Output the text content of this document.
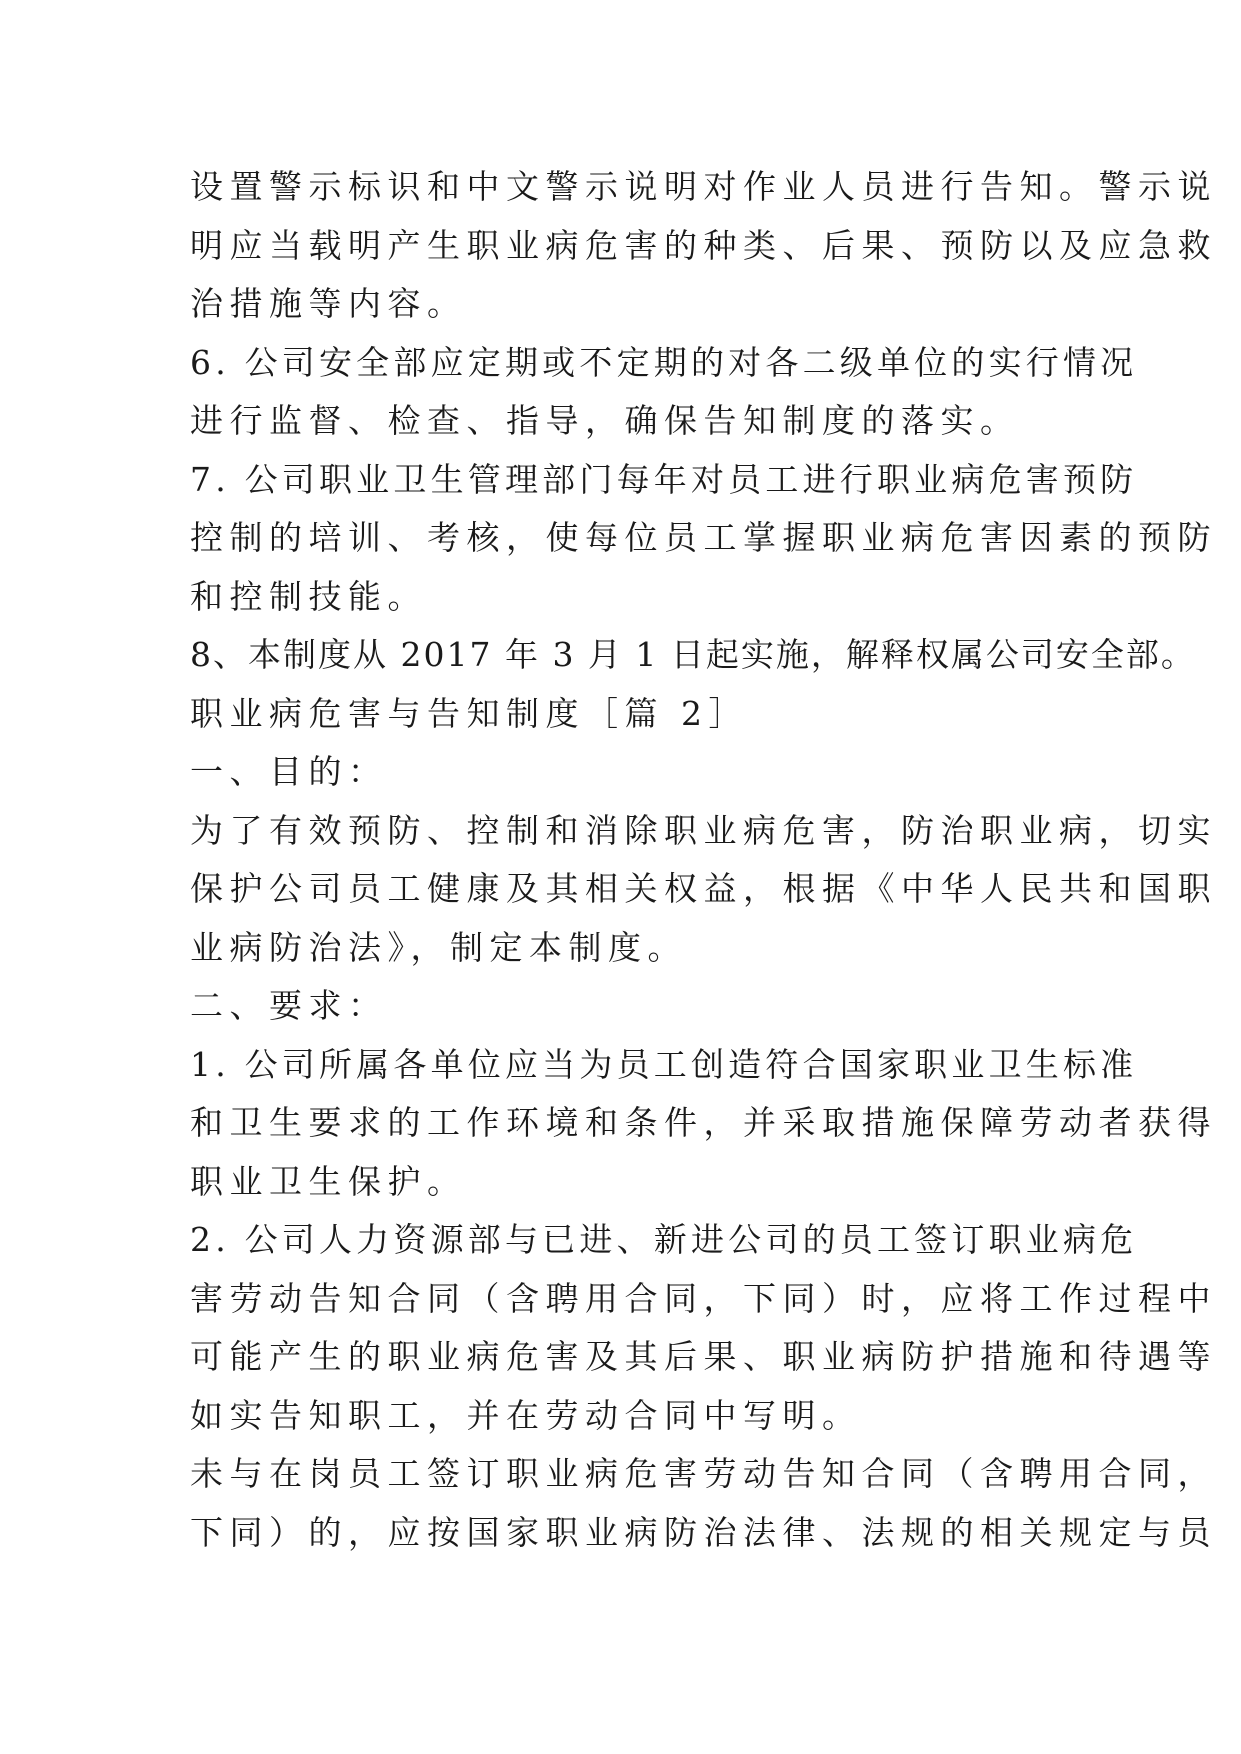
设置警示标识和中文警示说明对作业人员进行告知。警示说
明应当载明产生职业病危害的种类、后果、预防以及应急救
治措施等内容。
6. 公司安全部应定期或不定期的对各二级单位的实行情况
进行监督、检查、指导，确保告知制度的落实。
7. 公司职业卫生管理部门每年对员工进行职业病危害预防
控制的培训、考核，使每位员工掌握职业病危害因素的预防
和控制技能。
8、本制度从 2017 年 3 月 1 日起实施，解释权属公司安全部。
职业病危害与告知制度［篇 2］
一、目的：
为了有效预防、控制和消除职业病危害，防治职业病，切实
保护公司员工健康及其相关权益，根据《中华人民共和国职
业病防治法》，制定本制度。
二、要求：
1. 公司所属各单位应当为员工创造符合国家职业卫生标准
和卫生要求的工作环境和条件，并采取措施保障劳动者获得
职业卫生保护。
2. 公司人力资源部与已进、新进公司的员工签订职业病危
害劳动告知合同（含聘用合同，下同）时，应将工作过程中
可能产生的职业病危害及其后果、职业病防护措施和待遇等
如实告知职工，并在劳动合同中写明。
未与在岗员工签订职业病危害劳动告知合同（含聘用合同，
下同）的，应按国家职业病防治法律、法规的相关规定与员
